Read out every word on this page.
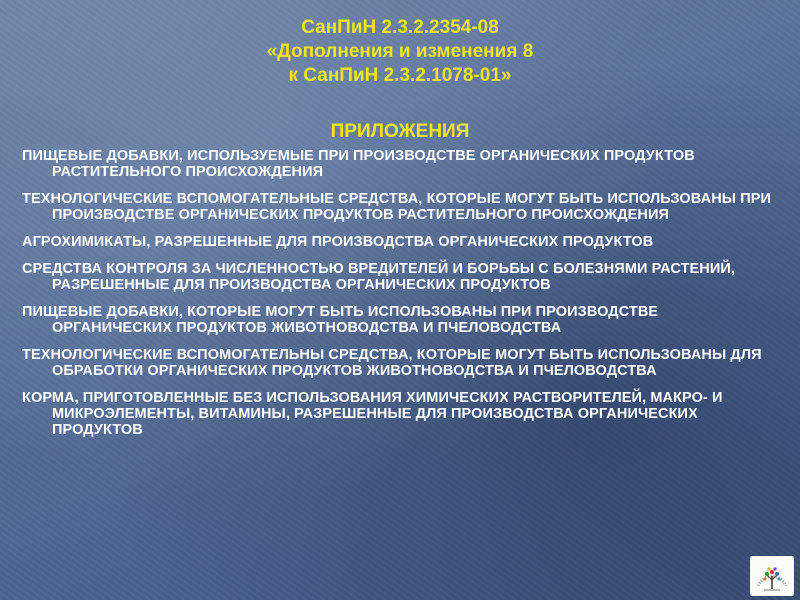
СанПиН 2.3.2.2354-08
«Дополнения и изменения 8
к СанПиН 2.3.2.1078-01»
ПРИЛОЖЕНИЯ
ПИЩЕВЫЕ ДОБАВКИ, ИСПОЛЬЗУЕМЫЕ ПРИ ПРОИЗВОДСТВЕ ОРГАНИЧЕСКИХ ПРОДУКТОВ РАСТИТЕЛЬНОГО ПРОИСХОЖДЕНИЯ
ТЕХНОЛОГИЧЕСКИЕ ВСПОМОГАТЕЛЬНЫЕ СРЕДСТВА, КОТОРЫЕ МОГУТ БЫТЬ ИСПОЛЬЗОВАНЫ ПРИ ПРОИЗВОДСТВЕ ОРГАНИЧЕСКИХ ПРОДУКТОВ РАСТИТЕЛЬНОГО ПРОИСХОЖДЕНИЯ
АГРОХИМИКАТЫ, РАЗРЕШЕННЫЕ ДЛЯ ПРОИЗВОДСТВА ОРГАНИЧЕСКИХ ПРОДУКТОВ
СРЕДСТВА КОНТРОЛЯ ЗА ЧИСЛЕННОСТЬЮ ВРЕДИТЕЛЕЙ И БОРЬБЫ С БОЛЕЗНЯМИ РАСТЕНИЙ, РАЗРЕШЕННЫЕ ДЛЯ ПРОИЗВОДСТВА ОРГАНИЧЕСКИХ ПРОДУКТОВ
ПИЩЕВЫЕ ДОБАВКИ, КОТОРЫЕ МОГУТ БЫТЬ ИСПОЛЬЗОВАНЫ ПРИ ПРОИЗВОДСТВЕ ОРГАНИЧЕСКИХ ПРОДУКТОВ ЖИВОТНОВОДСТВА И ПЧЕЛОВОДСТВА
ТЕХНОЛОГИЧЕСКИЕ ВСПОМОГАТЕЛЬНЫ СРЕДСТВА, КОТОРЫЕ МОГУТ БЫТЬ ИСПОЛЬЗОВАНЫ ДЛЯ ОБРАБОТКИ ОРГАНИЧЕСКИХ ПРОДУКТОВ ЖИВОТНОВОДСТВА И ПЧЕЛОВОДСТВА
КОРМА, ПРИГОТОВЛЕННЫЕ БЕЗ ИСПОЛЬЗОВАНИЯ ХИМИЧЕСКИХ РАСТВОРИТЕЛЕЙ, МАКРО- И МИКРОЭЛЕМЕНТЫ, ВИТАМИНЫ, РАЗРЕШЕННЫЕ ДЛЯ ПРОИЗВОДСТВА ОРГАНИЧЕСКИХ ПРОДУКТОВ
